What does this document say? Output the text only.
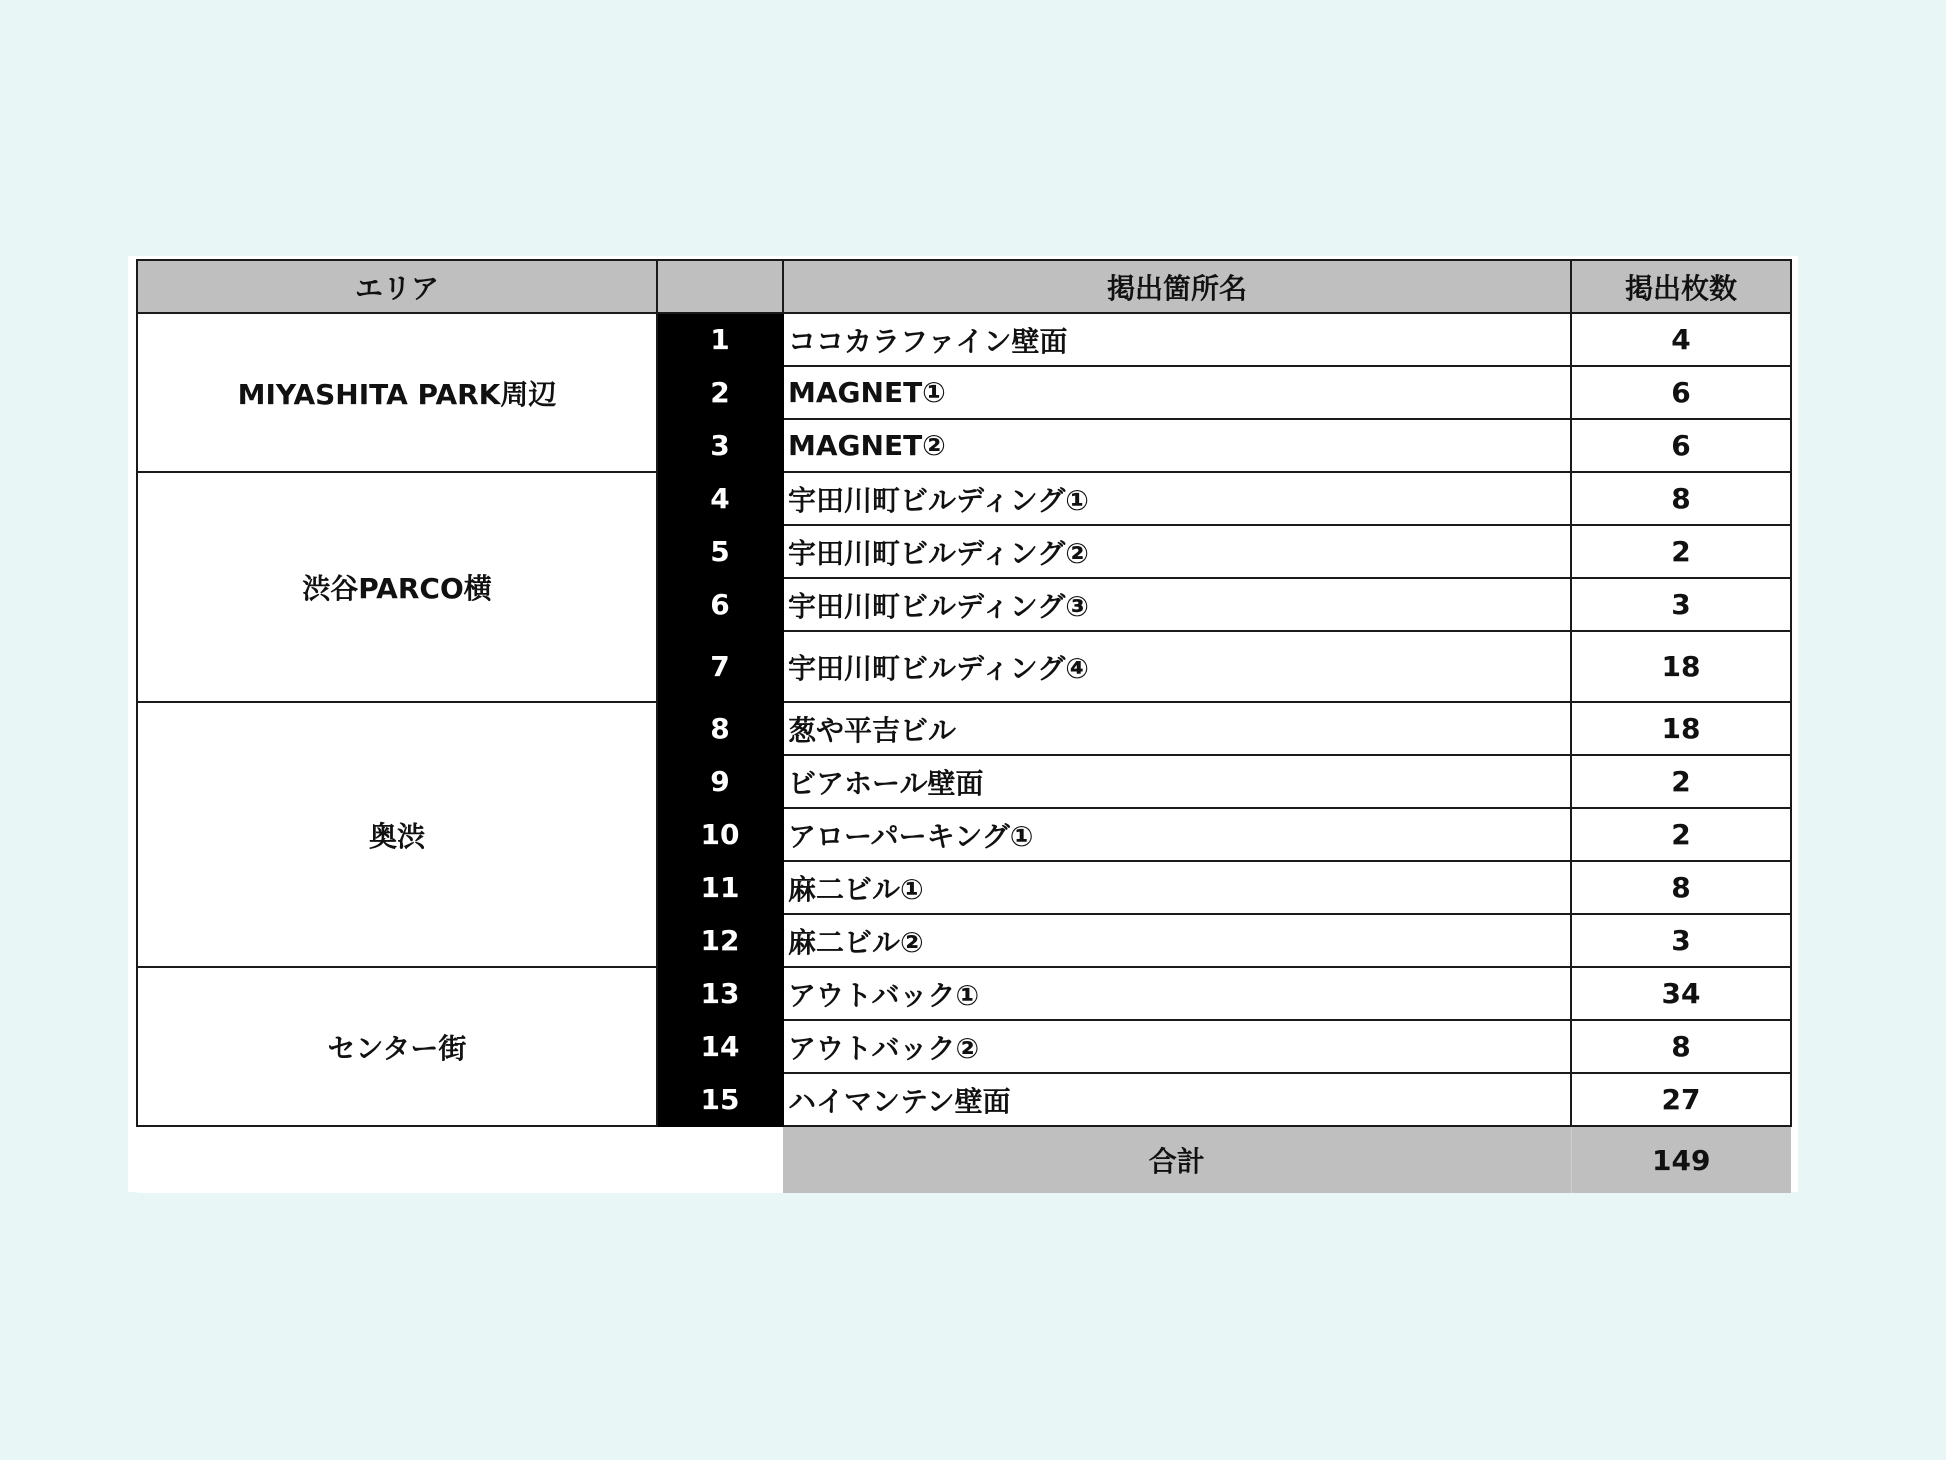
エリア		掲出箇所名	掲出枚数
MIYASHITA PARK周辺	1	ココカラファイン壁面	4
	2	MAGNET①	6
	3	MAGNET②	6
渋谷PARCO横	4	宇田川町ビルディング①	8
	5	宇田川町ビルディング②	2
	6	宇田川町ビルディング③	3
	7	宇田川町ビルディング④	18
奥渋	8	葱や平吉ビル	18
	9	ビアホール壁面	2
	10	アローパーキング①	2
	11	麻二ビル①	8
	12	麻二ビル②	3
センター街	13	アウトバック①	34
	14	アウトバック②	8
	15	ハイマンテン壁面	27
		合計	149
